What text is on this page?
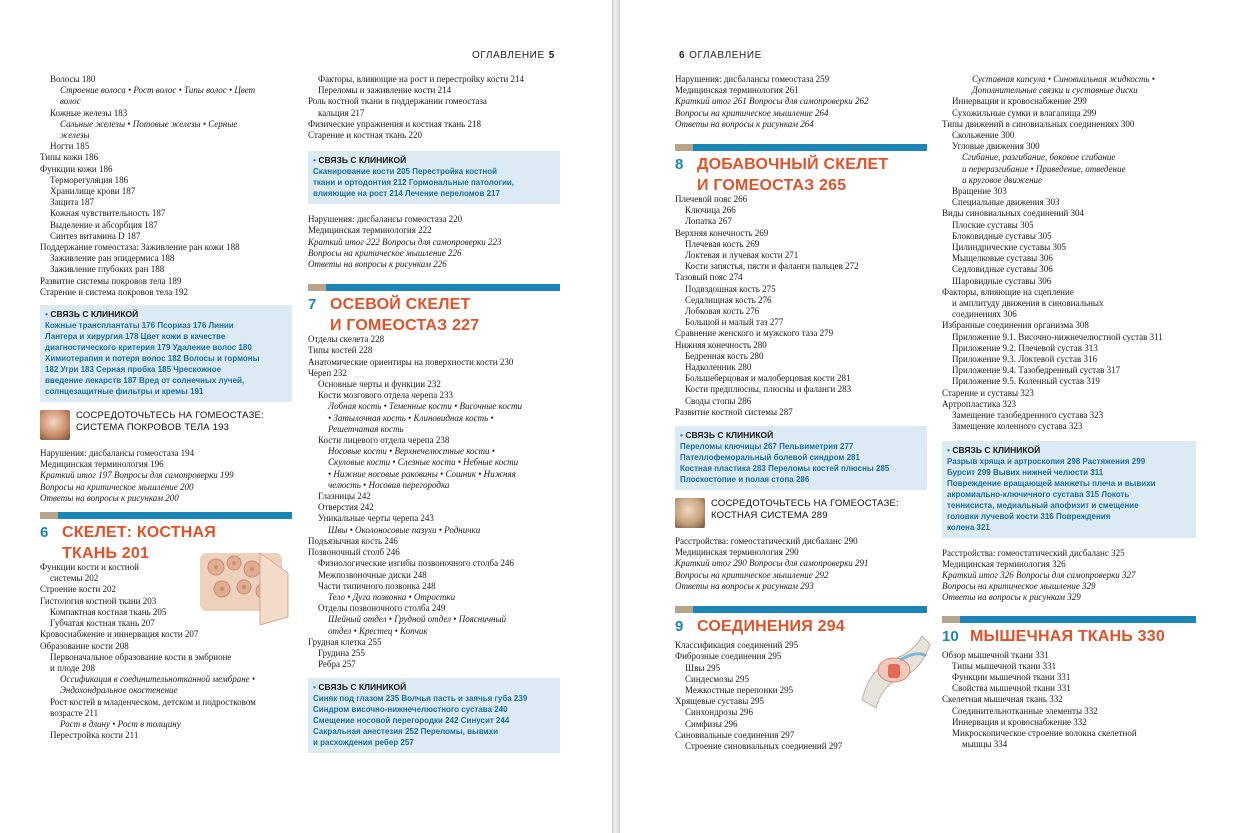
ОГЛАВЛЕНИЕ 5
Волосы 180
Строение волоса • Рост волос • Типы волос • Цвет
волос
Кожные железы 183
Сальные железы • Потовые железы • Серные
железы
Ногти 185
Типы кожи 186
Функции кожи 186
Терморегуляция 186
Хранилище крови 187
Защита 187
Кожная чувствительность 187
Выделение и абсорбция 187
Синтез витамина D 187
Поддержание гомеостаза: Заживление ран кожи 188
Заживление ран эпидермиса 188
Заживление глубоких ран 188
Развитие системы покровов тела 189
Старение и система покровов тела 192
• СВЯЗЬ С КЛИНИКОЙ
Кожные трансплантаты 176 Псориаз 176 Линии
Лангера и хирургия 178 Цвет кожи в качестве
диагностического критерия 179 Удаление волос 180
Химиотерапия и потеря волос 182 Волосы и гормоны
182 Угри 183 Серная пробка 185 Чрескожное
введение лекарств 187 Вред от солнечных лучей,
солнцезащитные фильтры и кремы 191
СОСРЕДОТОЧЬТЕСЬ НА ГОМЕОСТАЗЕ:
СИСТЕМА ПОКРОВОВ ТЕЛА 193
Нарушения: дисбалансы гомеостаза 194
Медицинская терминология 196
Краткий итог 197 Вопросы для самопроверки 199
Вопросы на критическое мышление 200
Ответы на вопросы к рисункам 200
6 СКЕЛЕТ: КОСТНАЯ
ТКАНЬ 201
Функции кости и костной
системы 202
Строение кости 202
Гистология костной ткани 203
Компактная костная ткань 205
Губчатая костная ткань 207
Кровоснабжение и иннервация кости 207
Образование кости 208
Первоначальное образование кости в эмбрионе
и плоде 208
Оссификация в соединительнотканной мембране •
Эндохондральное окостенение
Рост костей в младенческом, детском и подростковом
возрасте 211
Рост в длину • Рост в толщину
Перестройка кости 211
Факторы, влияющие на рост и перестройку кости 214
Переломы и заживление кости 214
Роль костной ткани в поддержании гомеостаза
кальция 217
Физические упражнения и костная ткань 218
Старение и костная ткань 220
• СВЯЗЬ С КЛИНИКОЙ
Сканирование кости 205 Перестройка костной
ткани и ортодонтия 212 Гормональные патологии,
влияющие на рост 214 Лечение переломов 217
Нарушения: дисбалансы гомеостаза 220
Медицинская терминология 222
Краткий итог 222 Вопросы для самопроверки 223
Вопросы на критическое мышление 226
Ответы на вопросы к рисункам 226
7 ОСЕВОЙ СКЕЛЕТ
И ГОМЕОСТАЗ 227
Отделы скелета 228
Типы костей 228
Анатомические ориентиры на поверхности кости 230
Череп 232
Основные черты и функции 232
Кости мозгового отдела черепа 233
Лобная кость • Теменные кости • Височные кости
• Затылочная кость • Клиновидная кость •
Решетчатая кость
Кости лицевого отдела черепа 238
Носовые кости • Верхнечелюстные кости •
Скуловые кости • Слезные кости • Небные кости
• Нижние носовые раковины • Сошник • Нижняя
челюсть • Носовая перегородка
Глазницы 242
Отверстия 242
Уникальные черты черепа 243
Швы • Околоносовые пазухи • Роднички
Подъязычная кость 246
Позвоночный столб 246
Физиологические изгибы позвоночного столба 246
Межпозвоночные диски 248
Части типичного позвонка 248
Тело • Дуга позвонка • Отростки
Отделы позвоночного столба 249
Шейный отдел • Грудной отдел • Поясничный
отдел • Крестец • Копчик
Грудная клетка 255
Грудина 255
Ребра 257
• СВЯЗЬ С КЛИНИКОЙ
Синяк под глазом 235 Волчья пасть и заячья губа 239
Синдром височно-нижнечелюстного сустава 240
Смещение носовой перегородки 242 Синусит 244
Сакральная анестезия 252 Переломы, вывихи
и расхождения ребер 257
6 ОГЛАВЛЕНИЕ
Нарушения: дисбалансы гомеостаза 259
Медицинская терминология 261
Краткий итог 261 Вопросы для самопроверки 262
Вопросы на критическое мышление 264
Ответы на вопросы к рисункам 264
8 ДОБАВОЧНЫЙ СКЕЛЕТ
И ГОМЕОСТАЗ 265
Плечевой пояс 266
Ключица 266
Лопатка 267
Верхняя конечность 269
Плечевая кость 269
Локтевая и лучевая кости 271
Кости запястья, пясти и фаланги пальцев 272
Тазовый пояс 274
Подвздошная кость 275
Седалищная кость 276
Лобковая кость 276
Большой и малый таз 277
Сравнение женского и мужского таза 279
Нижняя конечность 280
Бедренная кость 280
Надколенник 280
Большеберцовая и малоберцовая кости 281
Кости предплюсны, плюсны и фаланги 283
Своды стопы 286
Развитие костной системы 287
• СВЯЗЬ С КЛИНИКОЙ
Переломы ключицы 267 Пельвиметрия 277
Пателлофеморальный болевой синдром 281
Костная пластика 283 Переломы костей плюсны 285
Плоскостопие и полая стопа 286
СОСРЕДОТОЧЬТЕСЬ НА ГОМЕОСТАЗЕ:
КОСТНАЯ СИСТЕМА 289
Расстройства: гомеостатический дисбаланс 290
Медицинская терминология 290
Краткий итог 290 Вопросы для самопроверки 291
Вопросы на критическое мышление 292
Ответы на вопросы к рисункам 293
9 СОЕДИНЕНИЯ 294
Классификация соединений 295
Фиброзные соединения 295
Швы 295
Синдесмозы 295
Межкостные перепонки 295
Хрящевые суставы 295
Синхондрозы 296
Симфизы 296
Синовиальные соединения 297
Строение синовиальных соединений 297
Суставная капсула • Синовиальная жидкость •
Дополнительные связки и суставные диски
Иннервация и кровоснабжение 299
Сухожильные сумки и влагалища 299
Типы движений в синовиальных соединениях 300
Скольжение 300
Угловые движения 300
Сгибание, разгибание, боковое сгибание
и переразгибание • Приведение, отведение
и круговое движение
Вращение 303
Специальные движения 303
Виды синовиальных соединений 304
Плоские суставы 305
Блоковидные суставы 305
Цилиндрические суставы 305
Мыщелковые суставы 306
Седловидные суставы 306
Шаровидные суставы 306
Факторы, влияющие на сцепление
и амплитуду движения в синовиальных
соединениях 306
Избранные соединения организма 308
Приложение 9.1. Височно-нижнечелюстной сустав 311
Приложение 9.2. Плечевой сустав 313
Приложение 9.3. Локтевой сустав 316
Приложение 9.4. Тазобедренный сустав 317
Приложение 9.5. Коленный сустав 319
Старение и суставы 323
Артропластика 323
Замещение тазобедренного сустава 323
Замещение коленного сустава 323
• СВЯЗЬ С КЛИНИКОЙ
Разрыв хряща и артроскопия 298 Растяжения 299
Бурсит 299 Вывих нижней челюсти 311
Повреждение вращающей манжеты плеча и вывихи
акромиально-ключичного сустава 315 Локоть
теннисиста, медиальный апофизит и смещение
головки лучевой кости 316 Повреждения
колена 321
Расстройства: гомеостатический дисбаланс 325
Медицинская терминология 326
Краткий итог 326 Вопросы для самопроверки 327
Вопросы на критическое мышление 329
Ответы на вопросы к рисункам 329
10 МЫШЕЧНАЯ ТКАНЬ 330
Обзор мышечной ткани 331
Типы мышечной ткани 331
Функции мышечной ткани 331
Свойства мышечной ткани 331
Скелетная мышечная ткань 332
Соединительнотканные элементы 332
Иннервация и кровоснабжение 332
Микроскопическое строение волокна скелетной
мышцы 334
